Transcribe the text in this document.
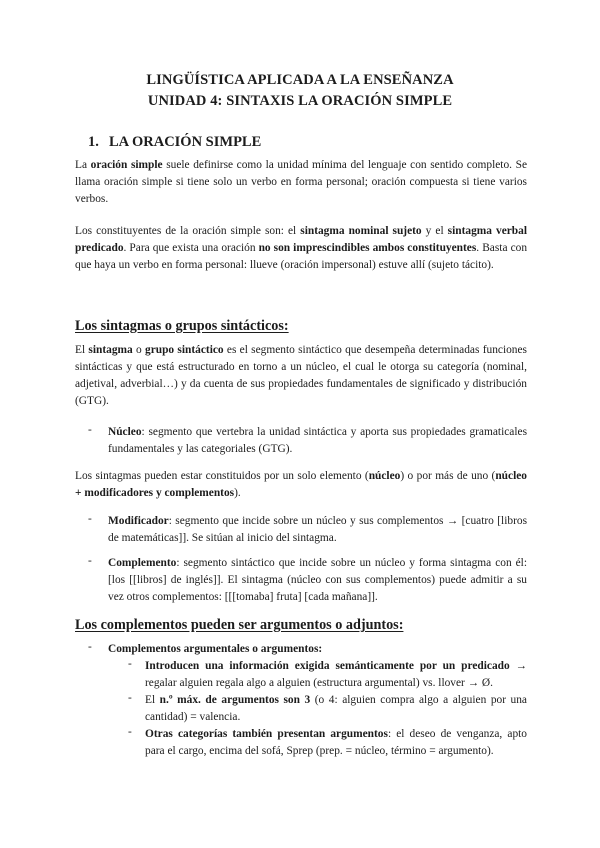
LINGÜÍSTICA APLICADA A LA ENSEÑANZA
UNIDAD 4: SINTAXIS LA ORACIÓN SIMPLE
1. LA ORACIÓN SIMPLE
La oración simple suele definirse como la unidad mínima del lenguaje con sentido completo. Se llama oración simple si tiene solo un verbo en forma personal; oración compuesta si tiene varios verbos.
Los constituyentes de la oración simple son: el sintagma nominal sujeto y el sintagma verbal predicado. Para que exista una oración no son imprescindibles ambos constituyentes. Basta con que haya un verbo en forma personal: llueve (oración impersonal) estuve allí (sujeto tácito).
Los sintagmas o grupos sintácticos:
El sintagma o grupo sintáctico es el segmento sintáctico que desempeña determinadas funciones sintácticas y que está estructurado en torno a un núcleo, el cual le otorga su categoría (nominal, adjetival, adverbial…) y da cuenta de sus propiedades fundamentales de significado y distribución (GTG).
- Núcleo: segmento que vertebra la unidad sintáctica y aporta sus propiedades gramaticales fundamentales y las categoriales (GTG).
Los sintagmas pueden estar constituidos por un solo elemento (núcleo) o por más de uno (núcleo + modificadores y complementos).
- Modificador: segmento que incide sobre un núcleo y sus complementos → [cuatro [libros de matemáticas]]. Se sitúan al inicio del sintagma.
- Complemento: segmento sintáctico que incide sobre un núcleo y forma sintagma con él: [los [[libros] de inglés]]. El sintagma (núcleo con sus complementos) puede admitir a su vez otros complementos: [[[tomaba] fruta] [cada mañana]].
Los complementos pueden ser argumentos o adjuntos:
- Complementos argumentales o argumentos:
- Introducen una información exigida semánticamente por un predicado → regalar alguien regala algo a alguien (estructura argumental) vs. llover → Ø.
- El n.º máx. de argumentos son 3 (o 4: alguien compra algo a alguien por una cantidad) = valencia.
- Otras categorías también presentan argumentos: el deseo de venganza, apto para el cargo, encima del sofá, Sprep (prep. = núcleo, término = argumento).
